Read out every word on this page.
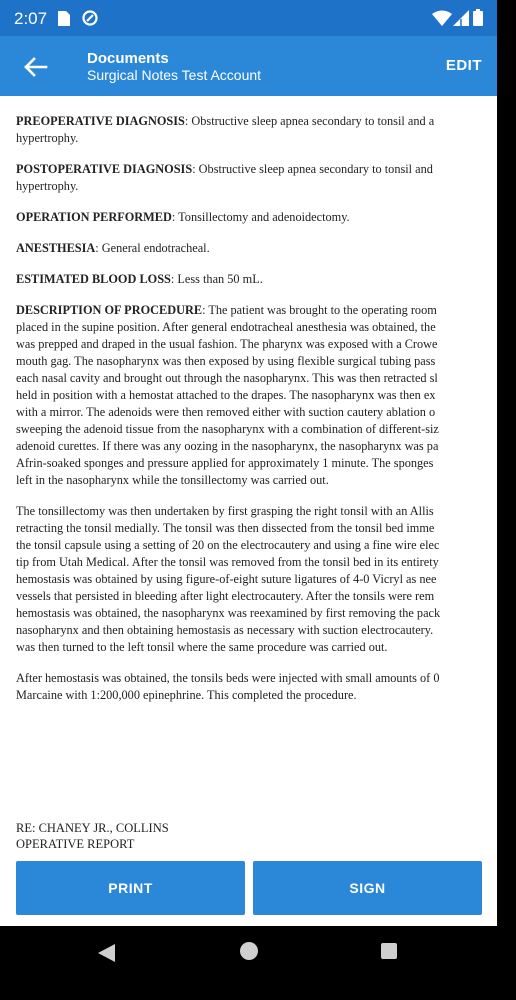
2:07
Documents
Surgical Notes Test Account
EDIT

PREOPERATIVE DIAGNOSIS: Obstructive sleep apnea secondary to tonsil and a
hypertrophy.

POSTOPERATIVE DIAGNOSIS: Obstructive sleep apnea secondary to tonsil and
hypertrophy.

OPERATION PERFORMED: Tonsillectomy and adenoidectomy.

ANESTHESIA: General endotracheal.

ESTIMATED BLOOD LOSS: Less than 50 mL.

DESCRIPTION OF PROCEDURE: The patient was brought to the operating room
placed in the supine position. After general endotracheal anesthesia was obtained, the
was prepped and draped in the usual fashion. The pharynx was exposed with a Crowe
mouth gag. The nasopharynx was then exposed by using flexible surgical tubing pass
each nasal cavity and brought out through the nasopharynx. This was then retracted sl
held in position with a hemostat attached to the drapes. The nasopharynx was then ex
with a mirror. The adenoids were then removed either with suction cautery ablation o
sweeping the adenoid tissue from the nasopharynx with a combination of different-siz
adenoid curettes. If there was any oozing in the nasopharynx, the nasopharynx was pa
Afrin-soaked sponges and pressure applied for approximately 1 minute. The sponges
left in the nasopharynx while the tonsillectomy was carried out.

The tonsillectomy was then undertaken by first grasping the right tonsil with an Allis
retracting the tonsil medially. The tonsil was then dissected from the tonsil bed imme
the tonsil capsule using a setting of 20 on the electrocautery and using a fine wire elec
tip from Utah Medical. After the tonsil was removed from the tonsil bed in its entirety
hemostasis was obtained by using figure-of-eight suture ligatures of 4-0 Vicryl as nee
vessels that persisted in bleeding after light electrocautery. After the tonsils were rem
hemostasis was obtained, the nasopharynx was reexamined by first removing the pack
nasopharynx and then obtaining hemostasis as necessary with suction electrocautery.
was then turned to the left tonsil where the same procedure was carried out.

After hemostasis was obtained, the tonsils beds were injected with small amounts of 0
Marcaine with 1:200,000 epinephrine. This completed the procedure.

RE: CHANEY JR., COLLINS
OPERATIVE REPORT
PRINT	SIGN
